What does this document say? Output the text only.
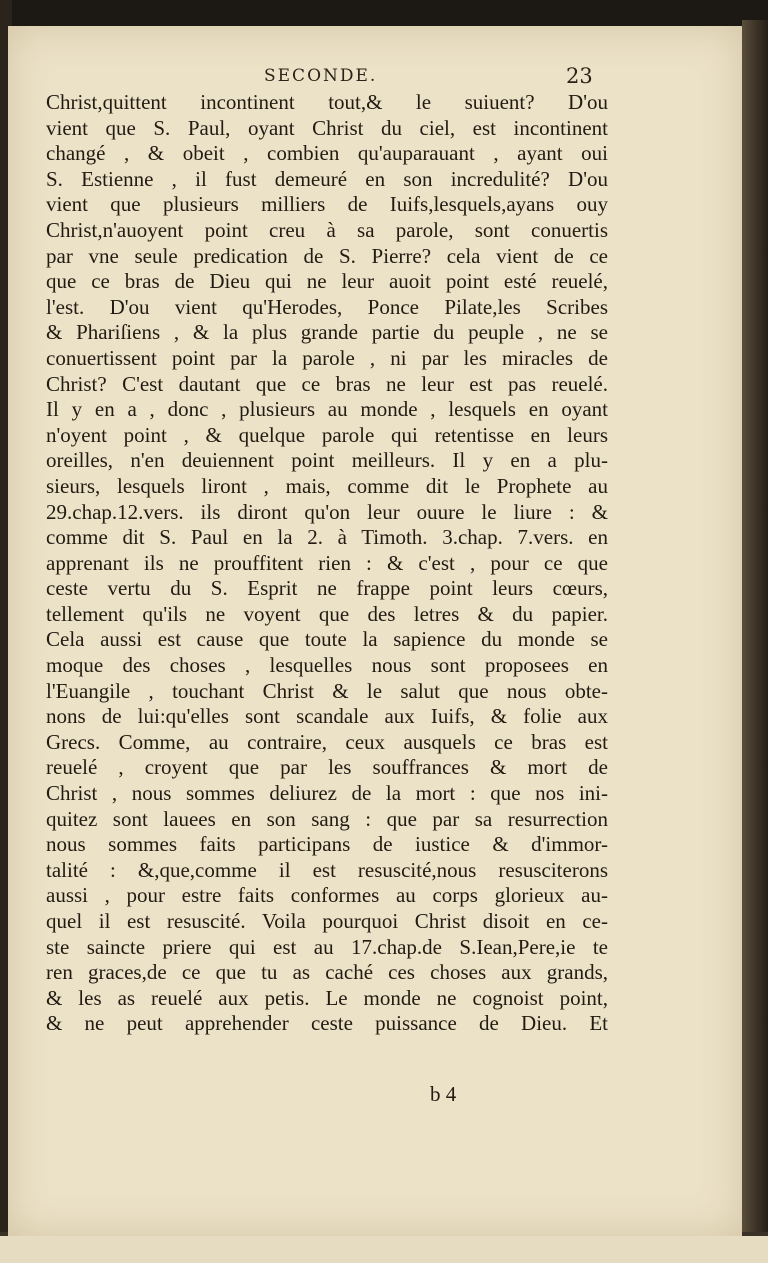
SECONDE.	23
Christ,quittent incontinent tout,& le suiuent? D'ou
vient que S. Paul, oyant Christ du ciel, est incontinent
changé , & obeit , combien qu'auparauant , ayant oui
S. Estienne , il fust demeuré en son incredulité? D'ou
vient que plusieurs milliers de Iuifs,lesquels,ayans ouy
Christ,n'auoyent point creu à sa parole, sont conuertis
par vne seule predication de S. Pierre? cela vient de ce
que ce bras de Dieu qui ne leur auoit point esté reuelé,
l'est. D'ou vient qu'Herodes, Ponce Pilate,les Scribes
& Phariſiens , & la plus grande partie du peuple , ne se
conuertissent point par la parole , ni par les miracles de
Christ? C'est dautant que ce bras ne leur est pas reuelé.
Il y en a , donc , plusieurs au monde , lesquels en oyant
n'oyent point , & quelque parole qui retentisse en leurs
oreilles, n'en deuiennent point meilleurs. Il y en a plu-
sieurs, lesquels liront , mais, comme dit le Prophete au
29.chap.12.vers. ils diront qu'on leur ouure le liure : &
comme dit S. Paul en la 2. à Timoth. 3.chap. 7.vers. en
apprenant ils ne prouffitent rien : & c'est , pour ce que
ceste vertu du S. Esprit ne frappe point leurs cœurs,
tellement qu'ils ne voyent que des letres & du papier.
Cela aussi est cause que toute la sapience du monde se
moque des choses , lesquelles nous sont proposees en
l'Euangile , touchant Christ & le salut que nous obte-
nons de lui:qu'elles sont scandale aux Iuifs, & folie aux
Grecs. Comme, au contraire, ceux ausquels ce bras est
reuelé , croyent que par les souffrances & mort de
Christ , nous sommes deliurez de la mort : que nos ini-
quitez sont lauees en son sang : que par sa resurrection
nous sommes faits participans de iustice & d'immor-
talité : &,que,comme il est resuscité,nous resusciterons
aussi , pour estre faits conformes au corps glorieux au-
quel il est resuscité. Voila pourquoi Christ disoit en ce-
ste saincte priere qui est au 17.chap.de S.Iean,Pere,ie te
ren graces,de ce que tu as caché ces choses aux grands,
& les as reuelé aux petis. Le monde ne cognoist point,
& ne peut apprehender ceste puissance de Dieu. Et
b 4
